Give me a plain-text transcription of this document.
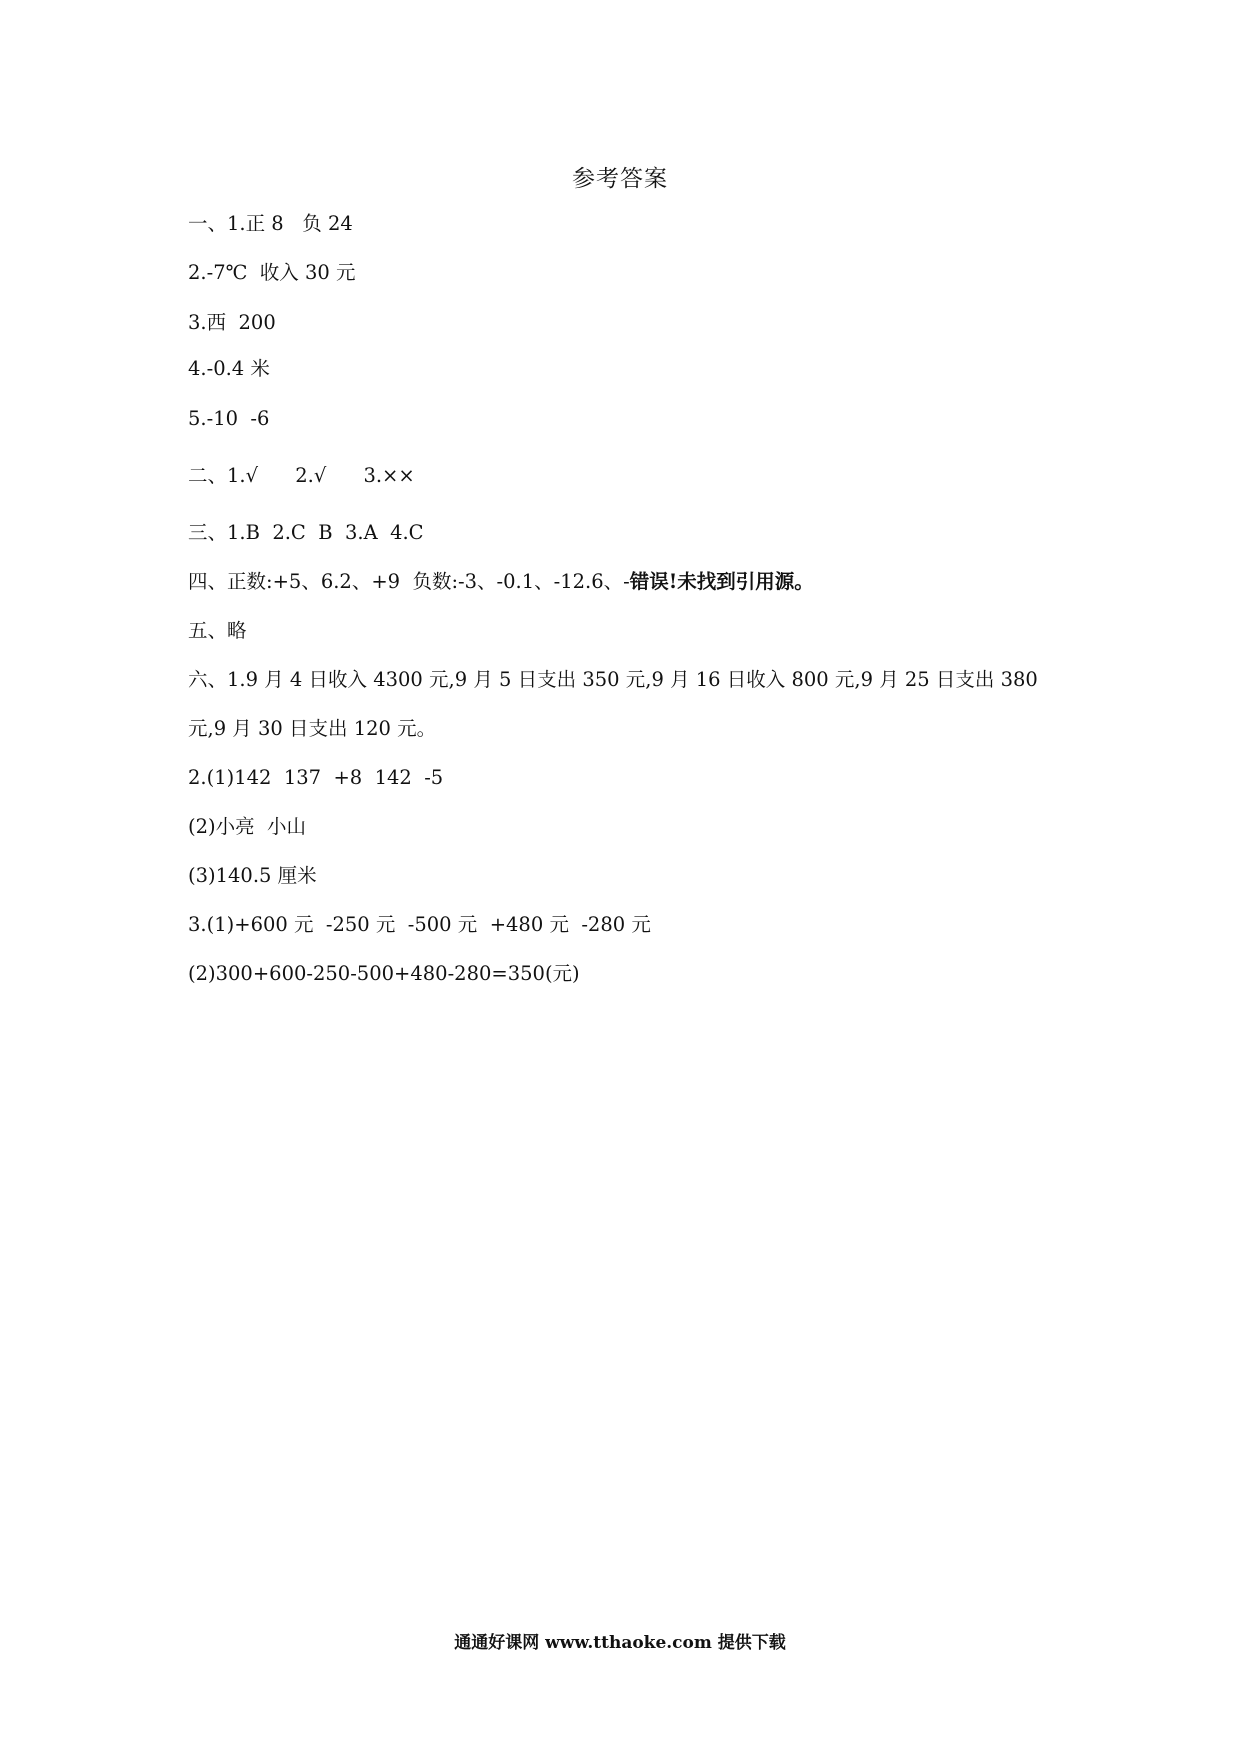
参考答案
一、1.正 8   负 24
2.-7℃  收入 30 元
3.西  200
4.-0.4 米
5.-10  -6
二、1.√      2.√      3.××
三、1.B  2.C  B  3.A  4.C
四、正数:+5、6.2、+9  负数:-3、-0.1、-12.6、-错误!未找到引用源。
五、略
六、1.9 月 4 日收入 4300 元,9 月 5 日支出 350 元,9 月 16 日收入 800 元,9 月 25 日支出 380
元,9 月 30 日支出 120 元。
2.(1)142  137  +8  142  -5
(2)小亮  小山
(3)140.5 厘米
3.(1)+600 元  -250 元  -500 元  +480 元  -280 元
(2)300+600-250-500+480-280=350(元)
通通好课网 www.tthaoke.com 提供下载
